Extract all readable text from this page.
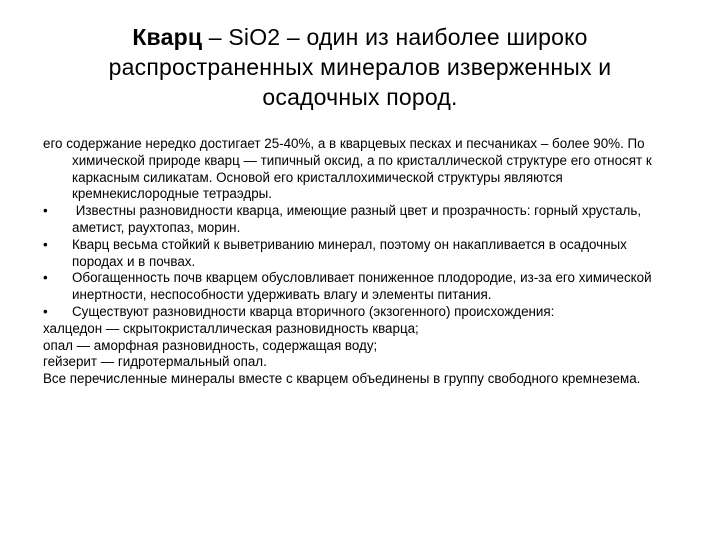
Кварц – SiO2 – один из наиболее широко
распространенных минералов изверженных и
осадочных пород.

его содержание нередко достигает 25-40%, а в кварцевых песках и песчаниках – более 90%. По химической природе кварц — типичный оксид, а по кристаллической структуре его относят к каркасным силикатам. Основой его кристаллохимической структуры являются кремнекислородные тетраэдры.

• Известны разновидности кварца, имеющие разный цвет и прозрачность: горный хрусталь, аметист, раухтопаз, морин.

• Кварц весьма стойкий к выветриванию минерал, поэтому он накапливается в осадочных породах и в почвах.

• Обогащенность почв кварцем обусловливает пониженное плодородие, из-за его химической инертности, неспособности удерживать влагу и элементы питания.

• Существуют разновидности кварца вторичного (экзогенного) происхождения:

халцедон — скрытокристаллическая разновидность кварца;

опал — аморфная разновидность, содержащая воду;

гейзерит — гидротермальный опал.

Все перечисленные минералы вместе с кварцем объединены в группу свободного кремнезема.
